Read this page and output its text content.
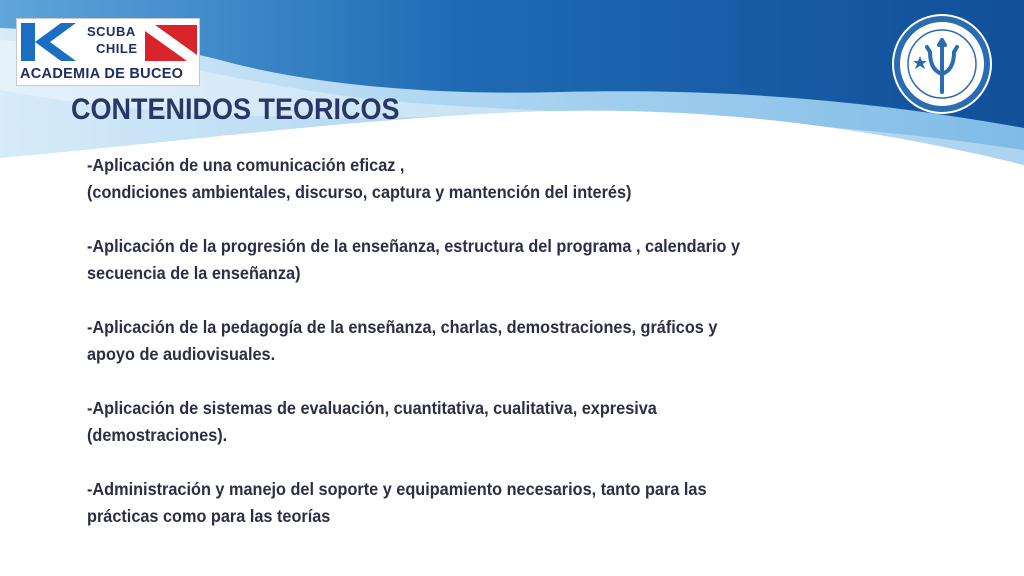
SCUBA
CHILE
ACADEMIA DE BUCEO
CONTENIDOS TEORICOS
-Aplicación de una comunicación eficaz ,
(condiciones ambientales, discurso, captura y mantención del interés)
-Aplicación de la progresión de la enseñanza, estructura del programa , calendario y
secuencia de la enseñanza)
-Aplicación de la pedagogía de la enseñanza, charlas, demostraciones, gráficos y
apoyo de audiovisuales.
-Aplicación de sistemas de evaluación, cuantitativa, cualitativa, expresiva
(demostraciones).
-Administración y manejo del soporte y equipamiento necesarios, tanto para las
prácticas como para las teorías
